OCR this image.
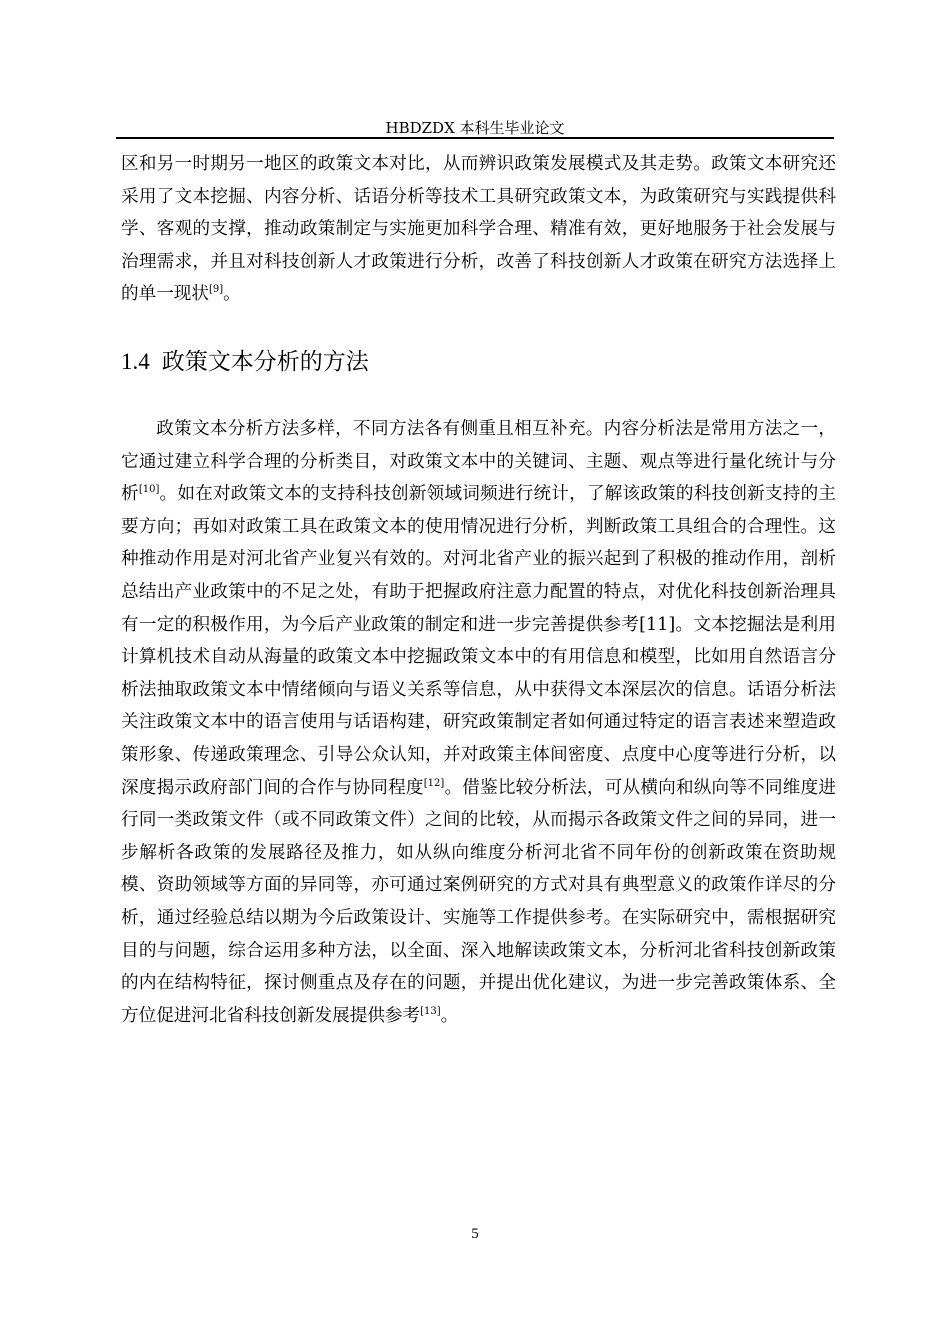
HBDZDX 本科生毕业论文
区和另一时期另一地区的政策文本对比，从而辨识政策发展模式及其走势。政策文本研究还采用了文本挖掘、内容分析、话语分析等技术工具研究政策文本，为政策研究与实践提供科学、客观的支撑，推动政策制定与实施更加科学合理、精准有效，更好地服务于社会发展与治理需求，并且对科技创新人才政策进行分析，改善了科技创新人才政策在研究方法选择上的单一现状[9]。
1.4 政策文本分析的方法
政策文本分析方法多样，不同方法各有侧重且相互补充。内容分析法是常用方法之一，它通过建立科学合理的分析类目，对政策文本中的关键词、主题、观点等进行量化统计与分析[10]。如在对政策文本的支持科技创新领域词频进行统计，了解该政策的科技创新支持的主要方向；再如对政策工具在政策文本的使用情况进行分析，判断政策工具组合的合理性。这种推动作用是对河北省产业复兴有效的。对河北省产业的振兴起到了积极的推动作用，剖析总结出产业政策中的不足之处，有助于把握政府注意力配置的特点，对优化科技创新治理具有一定的积极作用，为今后产业政策的制定和进一步完善提供参考[11]。文本挖掘法是利用计算机技术自动从海量的政策文本中挖掘政策文本中的有用信息和模型，比如用自然语言分析法抽取政策文本中情绪倾向与语义关系等信息，从中获得文本深层次的信息。话语分析法关注政策文本中的语言使用与话语构建，研究政策制定者如何通过特定的语言表述来塑造政策形象、传递政策理念、引导公众认知，并对政策主体间密度、点度中心度等进行分析，以深度揭示政府部门间的合作与协同程度[12]。借鉴比较分析法，可从横向和纵向等不同维度进行同一类政策文件（或不同政策文件）之间的比较，从而揭示各政策文件之间的异同，进一步解析各政策的发展路径及推力，如从纵向维度分析河北省不同年份的创新政策在资助规模、资助领域等方面的异同等，亦可通过案例研究的方式对具有典型意义的政策作详尽的分析，通过经验总结以期为今后政策设计、实施等工作提供参考。在实际研究中，需根据研究目的与问题，综合运用多种方法，以全面、深入地解读政策文本，分析河北省科技创新政策的内在结构特征，探讨侧重点及存在的问题，并提出优化建议，为进一步完善政策体系、全方位促进河北省科技创新发展提供参考[13]。
5
